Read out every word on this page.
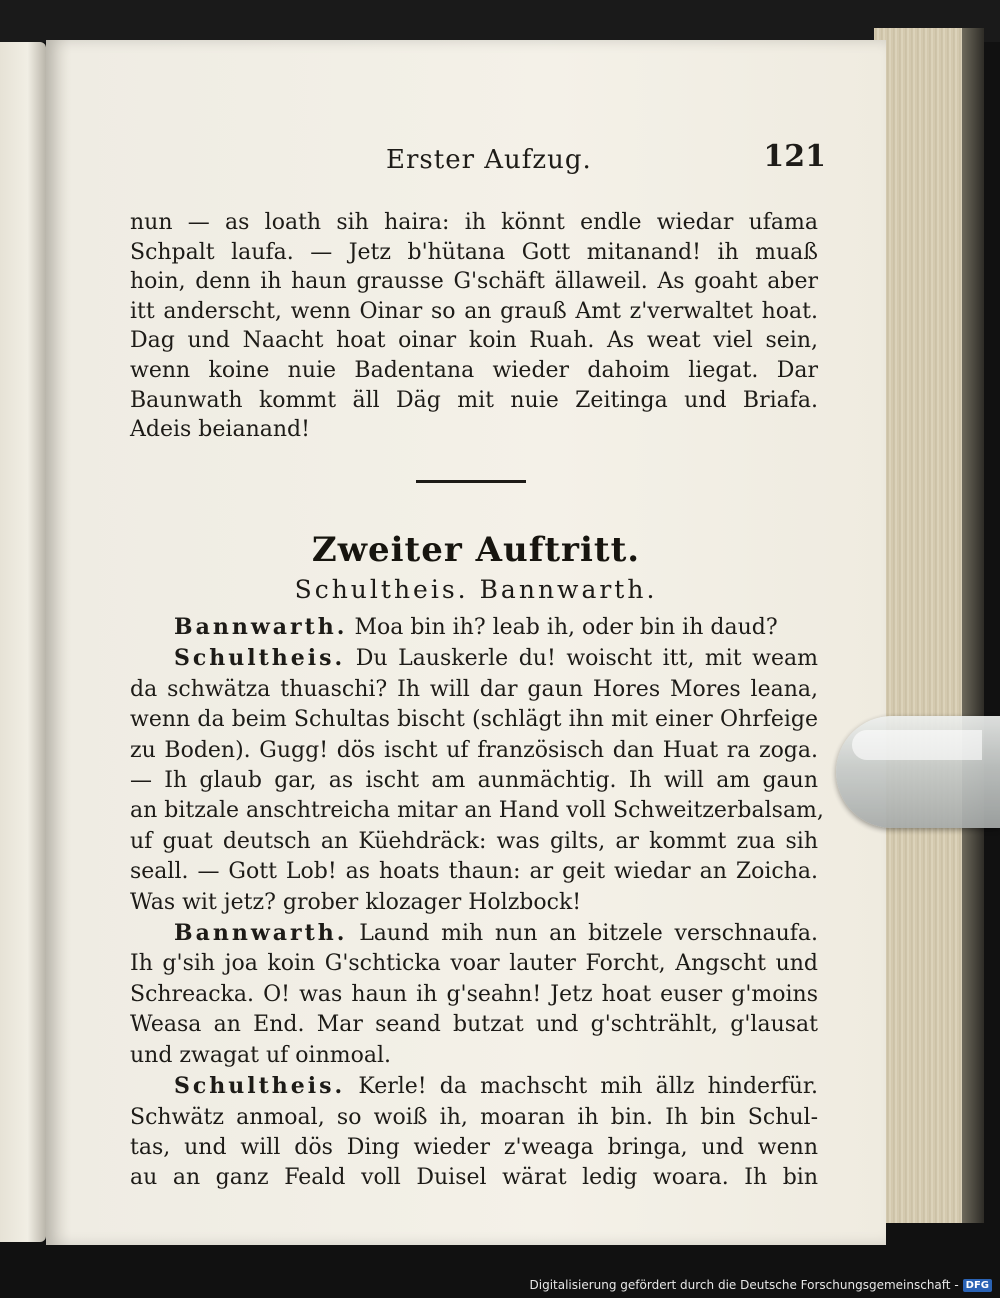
Erster Aufzug.	121
nun — as loath sih haira: ih könnt endle wiedar ufama
Schpalt laufa. — Jetz b'hütana Gott mitanand! ih muaß
hoin, denn ih haun grausse G'schäft ällaweil. As goaht aber
itt anderscht, wenn Oinar so an grauß Amt z'verwaltet hoat.
Dag und Naacht hoat oinar koin Ruah. As weat viel sein,
wenn koine nuie Badentana wieder dahoim liegat. Dar
Baunwath kommt äll Däg mit nuie Zeitinga und Briafa.
Adeis beianand!
Zweiter Auftritt.
Schultheis. Bannwarth.
Bannwarth. Moa bin ih? leab ih, oder bin ih daud?
Schultheis. Du Lauskerle du! woischt itt, mit weam
da schwätza thuaschi? Ih will dar gaun Hores Mores leana,
wenn da beim Schultas bischt (schlägt ihn mit einer Ohrfeige
zu Boden). Gugg! dös ischt uf französisch dan Huat ra zoga.
— Ih glaub gar, as ischt am aunmächtig. Ih will am gaun
an bitzale anschtreicha mitar an Hand voll Schweitzerbalsam,
uf guat deutsch an Küehdräck: was gilts, ar kommt zua sih
seall. — Gott Lob! as hoats thaun: ar geit wiedar an Zoicha.
Was wit jetz? grober klozager Holzbock!
Bannwarth. Laund mih nun an bitzele verschnaufa.
Ih g'sih joa koin G'schticka voar lauter Forcht, Angscht und
Schreacka. O! was haun ih g'seahn! Jetz hoat euser g'moins
Weasa an End. Mar seand butzat und g'schtrählt, g'lausat
und zwagat uf oinmoal.
Schultheis. Kerle! da machscht mih ällz hinderfür.
Schwätz anmoal, so woiß ih, moaran ih bin. Ih bin Schul-
tas, und will dös Ding wieder z'weaga bringa, und wenn
au an ganz Feald voll Duisel wärat ledig woara. Ih bin
Digitalisierung gefördert durch die Deutsche Forschungsgemeinschaft - DFG
